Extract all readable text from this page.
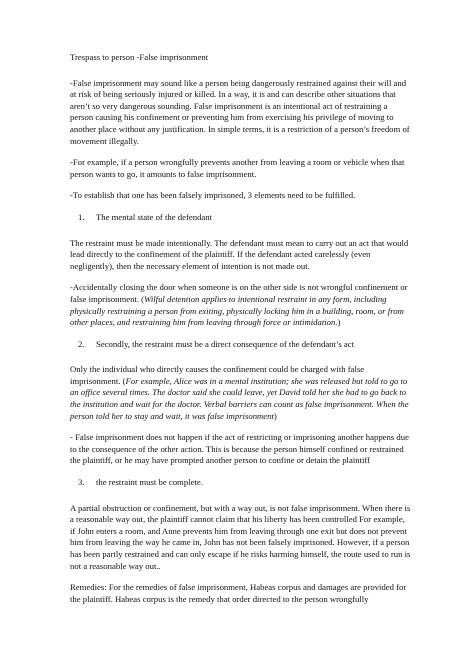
Trespass to person -False imprisonment

-False imprisonment may sound like a person being dangerously restrained against their will and at risk of being seriously injured or killed. In a way, it is and can describe other situations that aren’t so very dangerous sounding. False imprisonment is an intentional act of restraining a person causing his confinement or preventing him from exercising his privilege of moving to another place without any justification. In simple terms, it is a restriction of a person’s freedom of movement illegally.

-For example, if a person wrongfully prevents another from leaving a room or vehicle when that person wants to go, it amounts to false imprisonment.

-To establish that one has been falsely imprisoned, 3 elements need to be fulfilled.

1.	The mental state of the defendant

The restraint must be made intentionally. The defendant must mean to carry out an act that would lead directly to the confinement of the plaintiff. If the defendant acted carelessly (even negligently), then the necessary element of intention is not made out.

-Accidentally closing the door when someone is on the other side is not wrongful confinement or false imprisonment. (Wilful detention applies to intentional restraint in any form, including physically restraining a person from exiting, physically locking him in a building, room, or from other places, and restraining him from leaving through force or intimidation.)

2.	Secondly, the restraint must be a direct consequence of the defendant’s act

Only the individual who directly causes the confinement could be charged with false imprisonment. (For example, Alice was in a mental institution; she was released but told to go to an office several times. The doctor said she could leave, yet David told her she had to go back to the institution and wait for the doctor. Verbal barriers can count as false imprisonment. When the person told her to stay and wait, it was false imprisonment)

- False imprisonment does not happen if the act of restricting or imprisoning another happens due to the consequence of the other action. This is because the person himself confined or restrained the plaintiff, or he may have prompted another person to confine or detain the plaintiff

3.	the restraint must be complete.

A partial obstruction or confinement, but with a way out, is not false imprisonment. When there is a reasonable way out, the plaintiff cannot claim that his liberty has been controlled For example, if John enters a room, and Anne prevents him from leaving through one exit but does not prevent him from leaving the way he came in, John has not been falsely imprisoned. However, if a person has been partly restrained and can only escape if he risks harming himself, the route used to run is not a reasonable way out..

Remedies: For the remedies of false imprisonment, Habeas corpus and damages are provided for the plaintiff. Habeas corpus is the remedy that order directed to the person wrongfully
